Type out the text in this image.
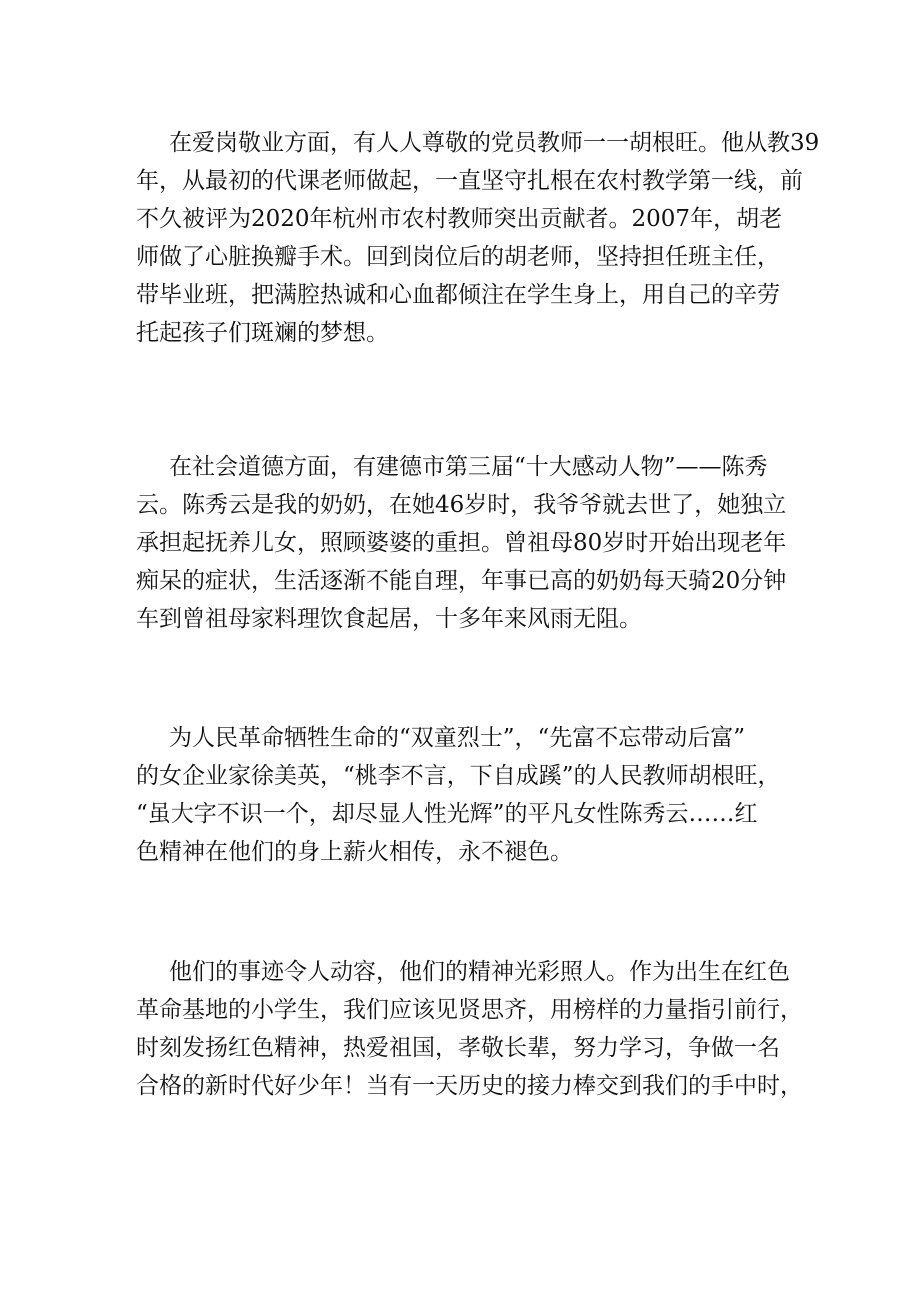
在爱岗敬业方面，有人人尊敬的党员教师一一胡根旺。他从教39
年，从最初的代课老师做起，一直坚守扎根在农村教学第一线，前
不久被评为2020年杭州市农村教师突出贡献者。2007年，胡老
师做了心脏换瓣手术。回到岗位后的胡老师，坚持担任班主任，
带毕业班，把满腔热诚和心血都倾注在学生身上，用自己的辛劳
托起孩子们斑斓的梦想。
在社会道德方面，有建德市第三届“十大感动人物”——陈秀
云。陈秀云是我的奶奶，在她46岁时，我爷爷就去世了，她独立
承担起抚养儿女，照顾婆婆的重担。曾祖母80岁时开始出现老年
痴呆的症状，生活逐渐不能自理，年事已高的奶奶每天骑20分钟
车到曾祖母家料理饮食起居，十多年来风雨无阻。
为人民革命牺牲生命的“双童烈士”，“先富不忘带动后富”
的女企业家徐美英，“桃李不言，下自成蹊”的人民教师胡根旺，
“虽大字不识一个，却尽显人性光辉”的平凡女性陈秀云……红
色精神在他们的身上薪火相传，永不褪色。
他们的事迹令人动容，他们的精神光彩照人。作为出生在红色
革命基地的小学生，我们应该见贤思齐，用榜样的力量指引前行，
时刻发扬红色精神，热爱祖国，孝敬长辈，努力学习，争做一名
合格的新时代好少年！当有一天历史的接力棒交到我们的手中时，
